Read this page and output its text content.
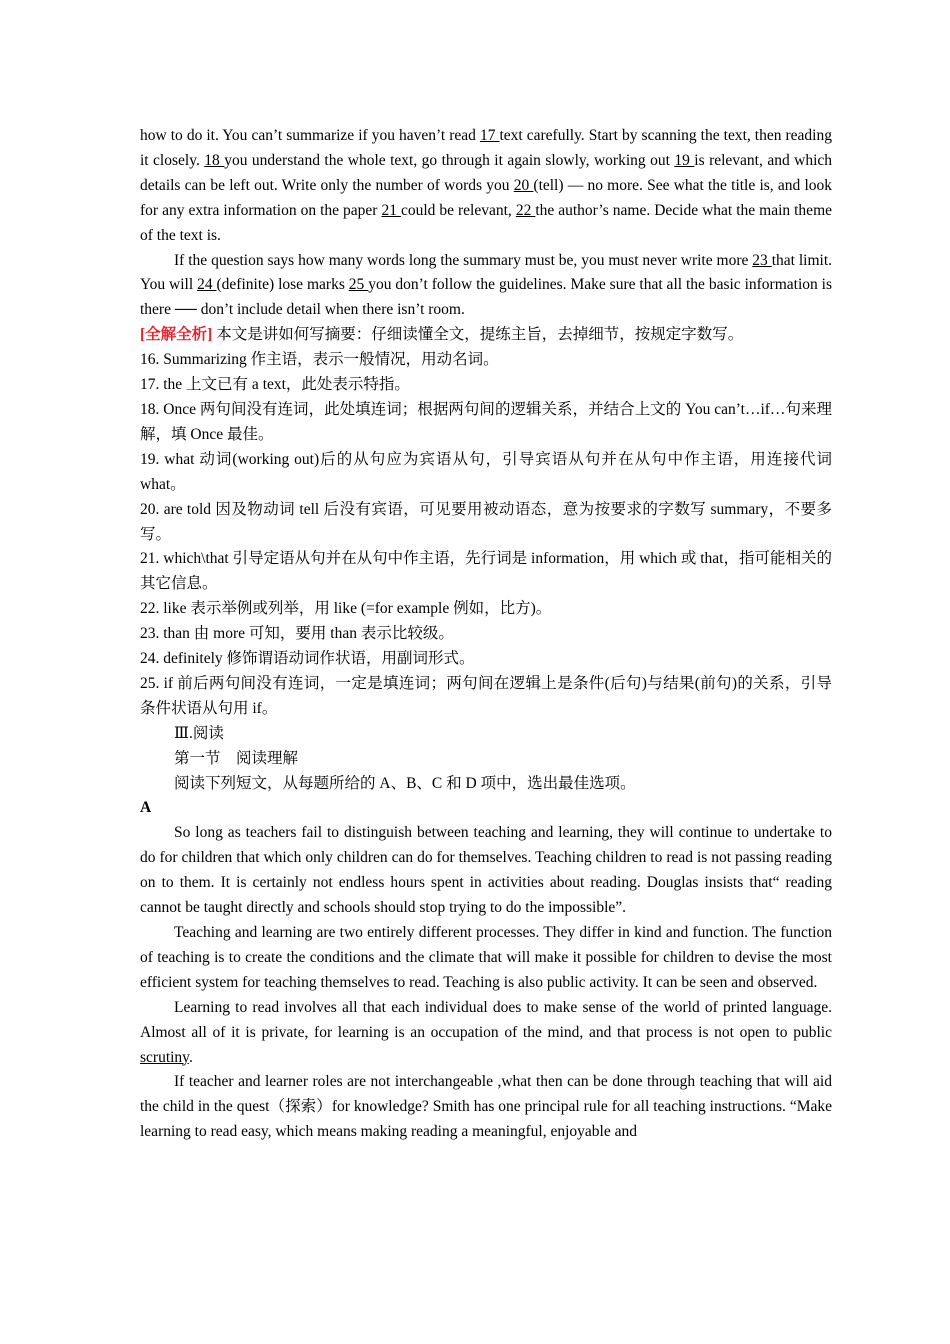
how to do it. You can’t summarize if you haven’t read 17 text carefully. Start by scanning the text, then reading it closely. 18 you understand the whole text, go through it again slowly, working out 19 is relevant, and which details can be left out. Write only the number of words you 20 (tell) — no more. See what the title is, and look for any extra information on the paper 21 could be relevant, 22 the author’s name. Decide what the main theme of the text is.

If the question says how many words long the summary must be, you must never write more 23 that limit. You will 24 (definite) lose marks 25 you don’t follow the guidelines. Make sure that all the basic information is there ── don’t include detail when there isn’t room.

[全解全析] 本文是讲如何写摘要：仔细读懂全文，提练主旨，去掉细节，按规定字数写。

16. Summarizing 作主语，表示一般情况，用动名词。

17. the 上文已有 a text，此处表示特指。

18. Once 两句间没有连词，此处填连词；根据两句间的逻辑关系，并结合上文的 You can’t…if…句来理解，填 Once 最佳。

19. what 动词(working out)后的从句应为宾语从句，引导宾语从句并在从句中作主语，用连接代词 what。

20. are told 因及物动词 tell 后没有宾语，可见要用被动语态，意为按要求的字数写 summary，不要多写。

21. which\that 引导定语从句并在从句中作主语，先行词是 information，用 which 或 that，指可能相关的其它信息。

22. like 表示举例或列举，用 like (=for example 例如，比方)。

23. than 由 more 可知，要用 than 表示比较级。

24. definitely 修饰谓语动词作状语，用副词形式。

25. if 前后两句间没有连词，一定是填连词；两句间在逻辑上是条件(后句)与结果(前句)的关系，引导条件状语从句用 if。

Ⅲ.阅读

第一节　阅读理解

阅读下列短文，从每题所给的 A、B、C 和 D 项中，选出最佳选项。

A

So long as teachers fail to distinguish between teaching and learning, they will continue to undertake to do for children that which only children can do for themselves. Teaching children to read is not passing reading on to them. It is certainly not endless hours spent in activities about reading. Douglas insists that“ reading cannot be taught directly and schools should stop trying to do the impossible”.

Teaching and learning are two entirely different processes. They differ in kind and function. The function of teaching is to create the conditions and the climate that will make it possible for children to devise the most efficient system for teaching themselves to read. Teaching is also public activity. It can be seen and observed.

Learning to read involves all that each individual does to make sense of the world of printed language. Almost all of it is private, for learning is an occupation of the mind, and that process is not open to public scrutiny.

If teacher and learner roles are not interchangeable ,what then can be done through teaching that will aid the child in the quest（探索）for knowledge? Smith has one principal rule for all teaching instructions. “Make learning to read easy, which means making reading a meaningful, enjoyable and
